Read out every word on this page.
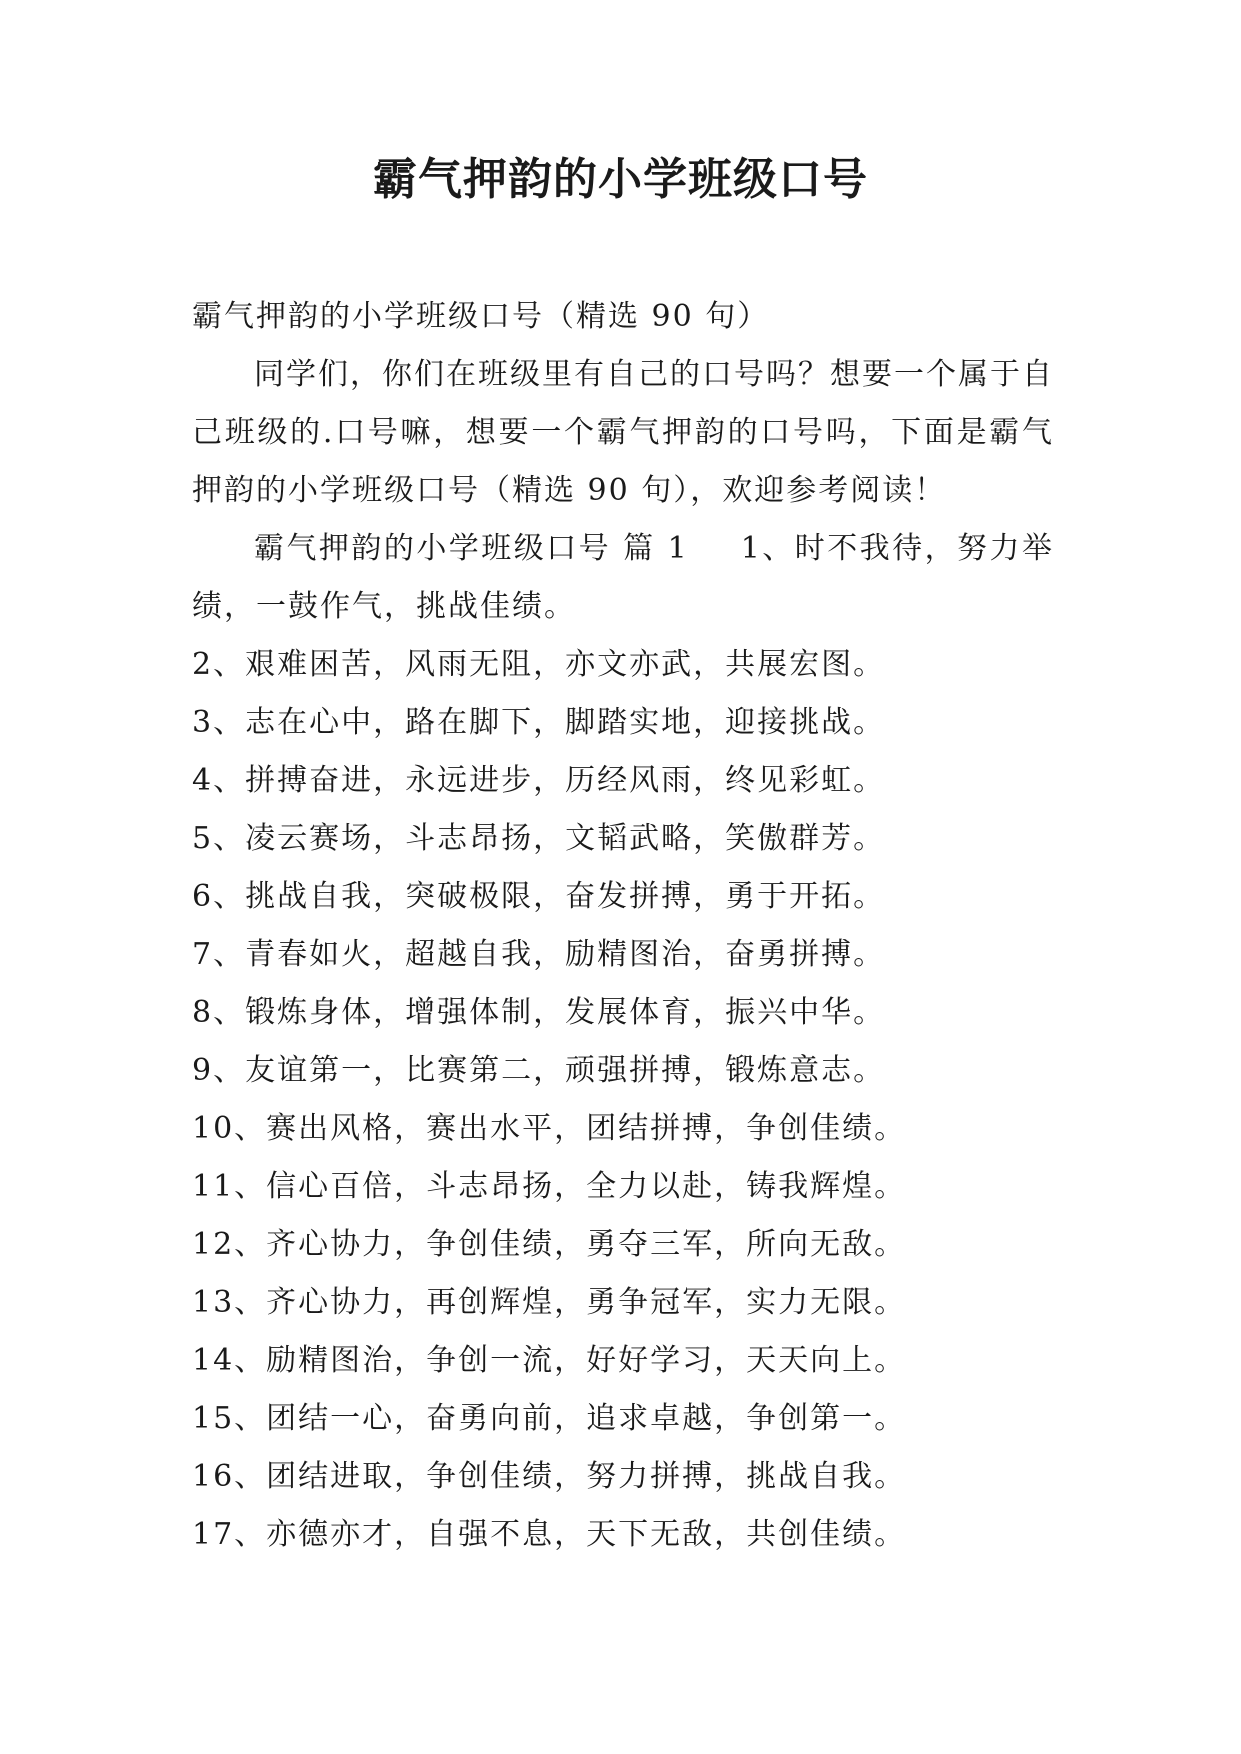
霸气押韵的小学班级口号

霸气押韵的小学班级口号（精选 90 句）

同学们，你们在班级里有自己的口号吗？想要一个属于自己班级的.口号嘛，想要一个霸气押韵的口号吗，下面是霸气押韵的小学班级口号（精选 90 句），欢迎参考阅读！

霸气押韵的小学班级口号 篇 1 1、时不我待，努力举绩，一鼓作气，挑战佳绩。

2、艰难困苦，风雨无阻，亦文亦武，共展宏图。

3、志在心中，路在脚下，脚踏实地，迎接挑战。

4、拼搏奋进，永远进步，历经风雨，终见彩虹。

5、凌云赛场，斗志昂扬，文韬武略，笑傲群芳。

6、挑战自我，突破极限，奋发拼搏，勇于开拓。

7、青春如火，超越自我，励精图治，奋勇拼搏。

8、锻炼身体，增强体制，发展体育，振兴中华。

9、友谊第一，比赛第二，顽强拼搏，锻炼意志。

10、赛出风格，赛出水平，团结拼搏，争创佳绩。

11、信心百倍，斗志昂扬，全力以赴，铸我辉煌。

12、齐心协力，争创佳绩，勇夺三军，所向无敌。

13、齐心协力，再创辉煌，勇争冠军，实力无限。

14、励精图治，争创一流，好好学习，天天向上。

15、团结一心，奋勇向前，追求卓越，争创第一。

16、团结进取，争创佳绩，努力拼搏，挑战自我。

17、亦德亦才，自强不息，天下无敌，共创佳绩。
